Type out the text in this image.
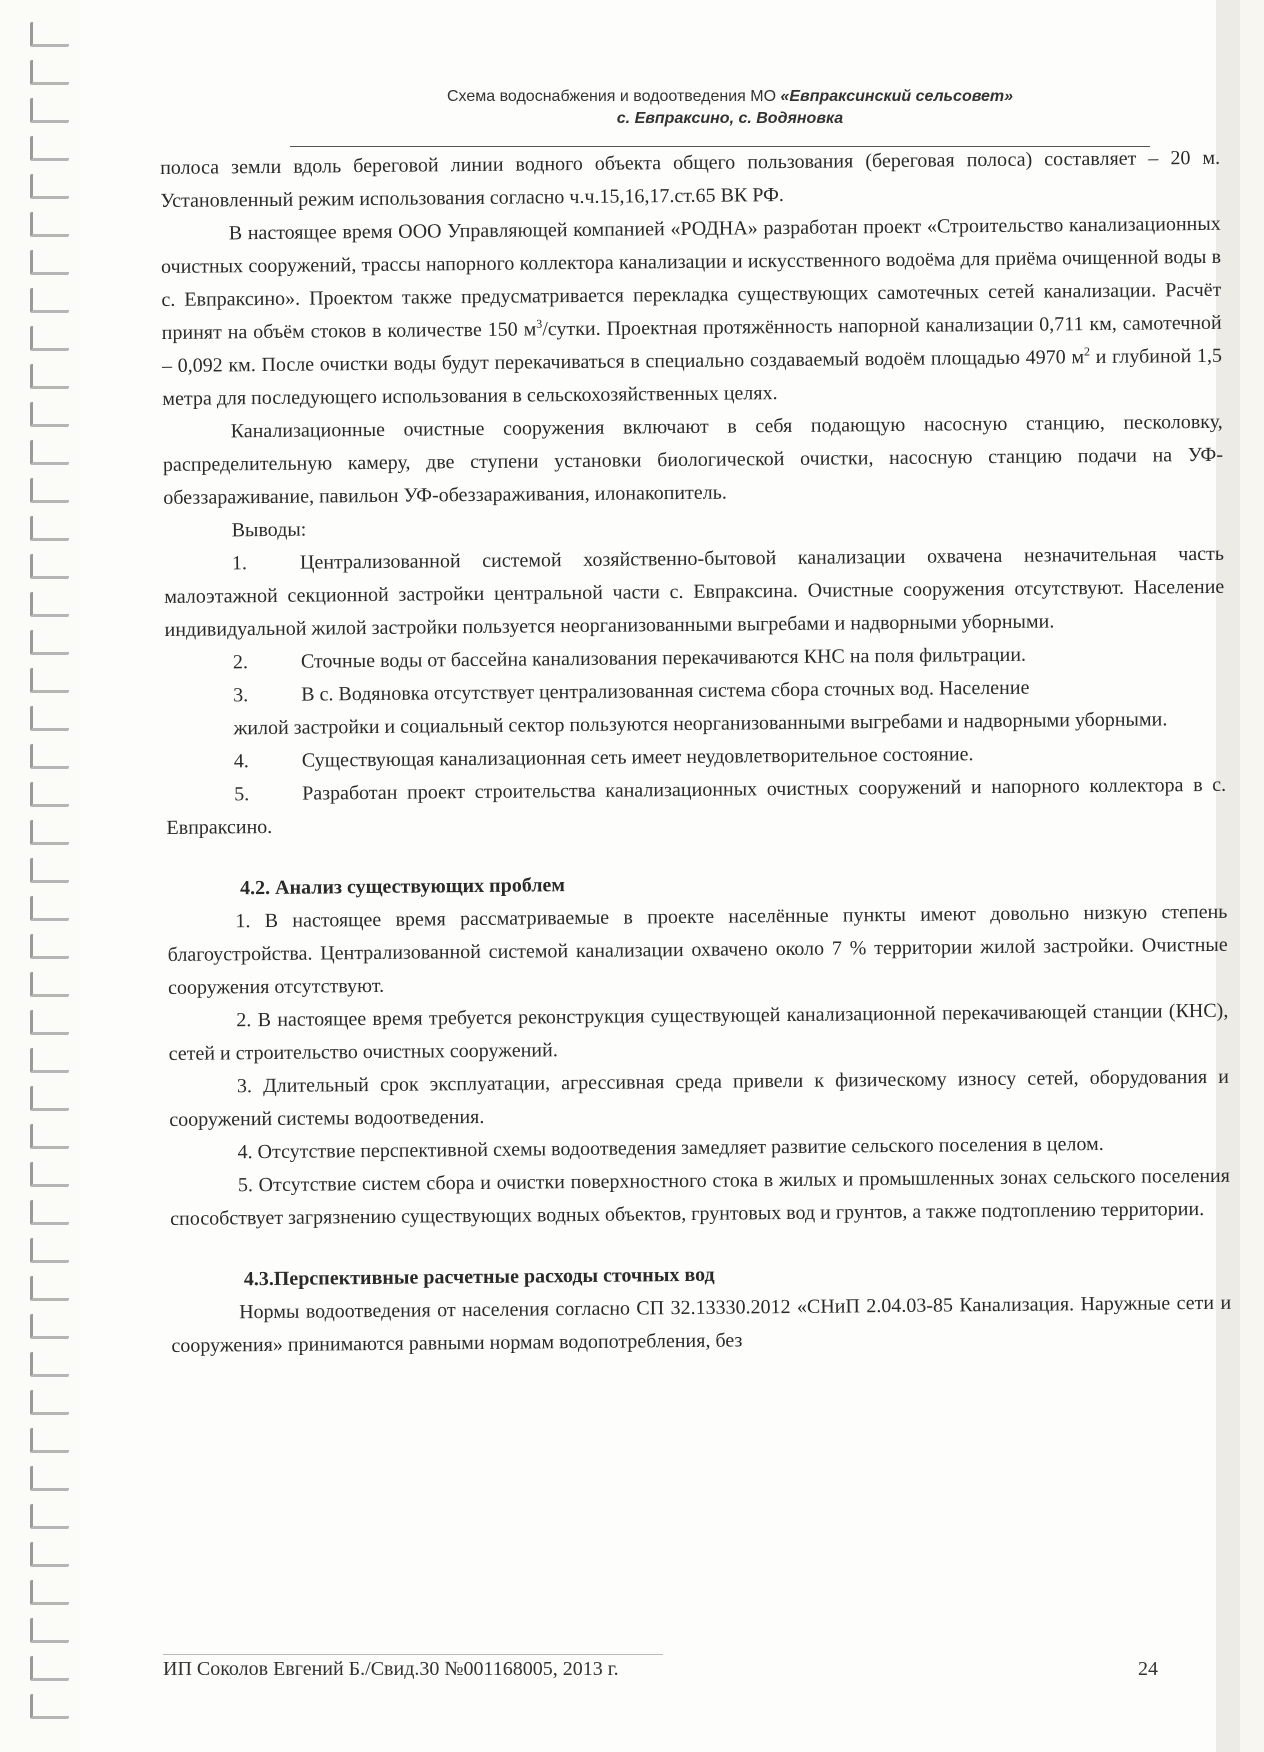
Схема водоснабжения и водоотведения МО «Евпраксинский сельсовет»
с. Евпраксино, с. Водяновка

полоса земли вдоль береговой линии водного объекта общего пользования (береговая полоса) составляет – 20 м. Установленный режим использования согласно ч.ч.15,16,17.ст.65 ВК РФ.

В настоящее время ООО Управляющей компанией «РОДНА» разработан проект «Строительство канализационных очистных сооружений, трассы напорного коллектора канализации и искусственного водоёма для приёма очищенной воды в с. Евпраксино». Проектом также предусматривается перекладка существующих самотечных сетей канализации. Расчёт принят на объём стоков в количестве 150 $м^3$/сутки. Проектная протяжённость напорной канализации 0,711 км, самотечной – 0,092 км. После очистки воды будут перекачиваться в специально создаваемый водоём площадью 4970 $м^2$ и глубиной 1,5 метра для последующего использования в сельскохозяйственных целях.

Канализационные очистные сооружения включают в себя подающую насосную станцию, песколовку, распределительную камеру, две ступени установки биологической очистки, насосную станцию подачи на УФ-обеззараживание, павильон УФ-обеззараживания, илонакопитель.

Выводы:

1.	Централизованной системой хозяйственно-бытовой канализации охвачена незначительная часть малоэтажной секционной застройки центральной части с. Евпраксина. Очистные сооружения отсутствуют. Население индивидуальной жилой застройки пользуется неорганизованными выгребами и надворными уборными.

2.	Сточные воды от бассейна канализования перекачиваются КНС на поля фильтрации.

3.	В с. Водяновка отсутствует централизованная система сбора сточных вод. Население

жилой застройки и социальный сектор пользуются неорганизованными выгребами и надворными уборными.

4.	Существующая канализационная сеть имеет неудовлетворительное состояние.

5.	Разработан проект строительства канализационных очистных сооружений и напорного коллектора в с. Евпраксино.

4.2. Анализ существующих проблем

1. В настоящее время рассматриваемые в проекте населённые пункты имеют довольно низкую степень благоустройства. Централизованной системой канализации охвачено около 7 % территории жилой застройки. Очистные сооружения отсутствуют.

2. В настоящее время требуется реконструкция существующей канализационной перекачивающей станции (КНС), сетей и строительство очистных сооружений.

3. Длительный срок эксплуатации, агрессивная среда привели к физическому износу сетей, оборудования и сооружений системы водоотведения.

4. Отсутствие перспективной схемы водоотведения замедляет развитие сельского поселения в целом.

5. Отсутствие систем сбора и очистки поверхностного стока в жилых и промышленных зонах сельского поселения способствует загрязнению существующих водных объектов, грунтовых вод и грунтов, а также подтоплению территории.

4.3.Перспективные расчетные расходы сточных вод

Нормы водоотведения от населения согласно СП 32.13330.2012 «СНиП 2.04.03-85 Канализация. Наружные сети и сооружения» принимаются равными нормам водопотребления, без

ИП Соколов Евгений Б./Свид.30 №001168005, 2013 г.	24
